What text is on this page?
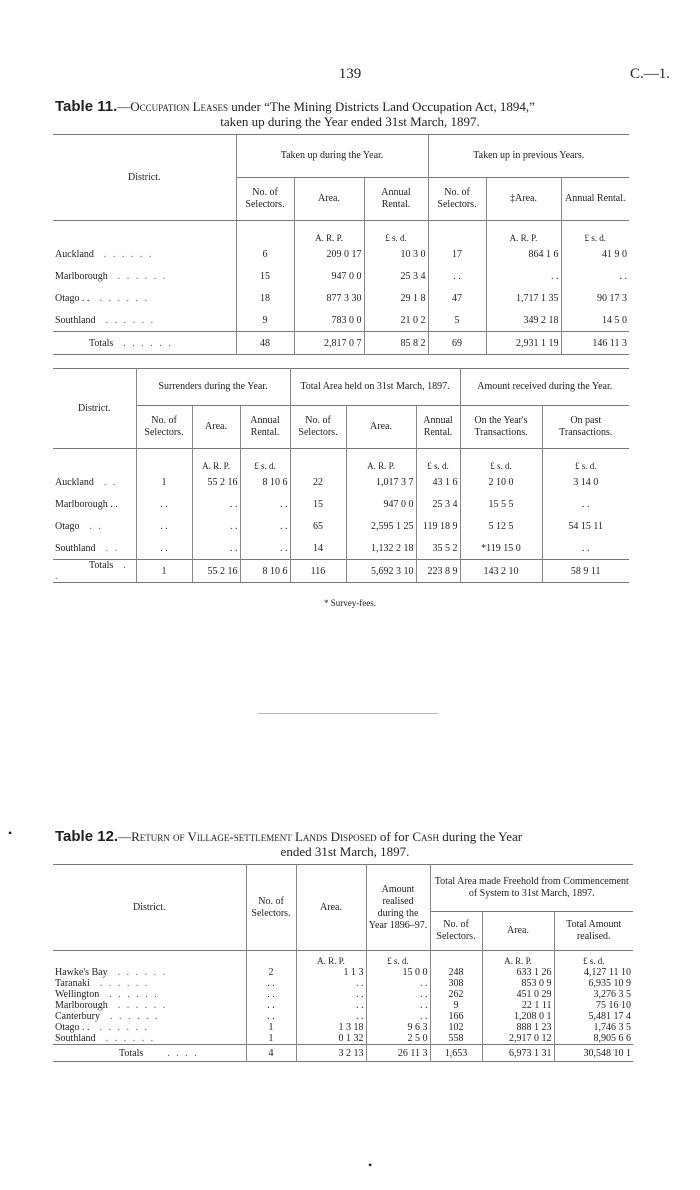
139	C.—1.
Table 11.—Occupation Leases under “The Mining Districts Land Occupation Act, 1894,”
taken up during the Year ended 31st March, 1897.
District.	Taken up during the Year.			Taken up in previous Years.		
	No. of Selectors.	Area.	Annual Rental.	No. of Selectors.	‡Area.	Annual Rental.
		A. R. P.	£ s. d.		A. R. P.	£ s. d.
Auckland . . . . . .	6	209 0 17	10 3 0	17	864 1 6	41 9 0
Marlborough . . . . . .	15	947 0 0	25 3 4	. .	. .	. .
Otago . . . . . . . .	18	877 3 30	29 1 8	47	1,717 1 35	90 17 3
Southland . . . . . .	9	783 0 0	21 0 2	5	349 2 18	14 5 0
Totals . . . . . .	48	2,817 0 7	85 8 2	69	2,931 1 19	146 11 3
District.	Surrenders during the Year.			Total Area held on 31st March, 1897.			Amount received during the Year.	
	No. of Selectors.	Area.	Annual Rental.	No. of Selectors.	Area.	Annual Rental.	On the Year's Transactions.	On past Transactions.
		A. R. P.	£ s. d.		A. R. P.	£ s. d.	£ s. d.	£ s. d.
Auckland . .	1	55 2 16	8 10 6	22	1,017 3 7	43 1 6	2 10 0	3 14 0
Marlborough . .	. .	. .	. .	15	947 0 0	25 3 4	15 5 5	. .
Otago . .	. .	. .	. .	65	2,595 1 25	119 18 9	5 12 5	54 15 11
Southland . .	. .	. .	. .	14	1,132 2 18	35 5 2	*119 15 0	. .
Totals . .	1	55 2 16	8 10 6	116	5,692 3 10	223 8 9	143 2 10	58 9 11
* Survey-fees.
•	Table 12.—Return of Village-settlement Lands Disposed of for Cash during the Year
ended 31st March, 1897.
District.	No. of Selectors.	Area.	Amount realised during the Year 1896–97.	Total Area made Freehold from Commencement of System to 31st March, 1897.		
				No. of Selectors.	Area.	Total Amount realised.
		A. R. P.	£ s. d.		A. R. P.	£ s. d.
Hawke's Bay . . . . . .	2	1 1 3	15 0 0	248	633 1 26	4,127 11 10
Taranaki . . . . . .	. .	. .	. .	308	853 0 9	6,935 10 9
Wellington . . . . . .	. .	. .	. .	262	451 0 29	3,276 3 5
Marlborough . . . . . .	. .	. .	. .	9	22 1 11	75 16 10
Canterbury . . . . . .	. .	. .	. .	166	1,208 0 1	5,481 17 4
Otago . . . . . . . .	1	1 3 18	9 6 3	102	888 1 23	1,746 3 5
Southland . . . . . .	1	0 1 32	2 5 0	558	2,917 0 12	8,905 6 6
Totals . . . .	4	3 2 13	26 11 3	1,653	6,973 1 31	30,548 10 1
•
